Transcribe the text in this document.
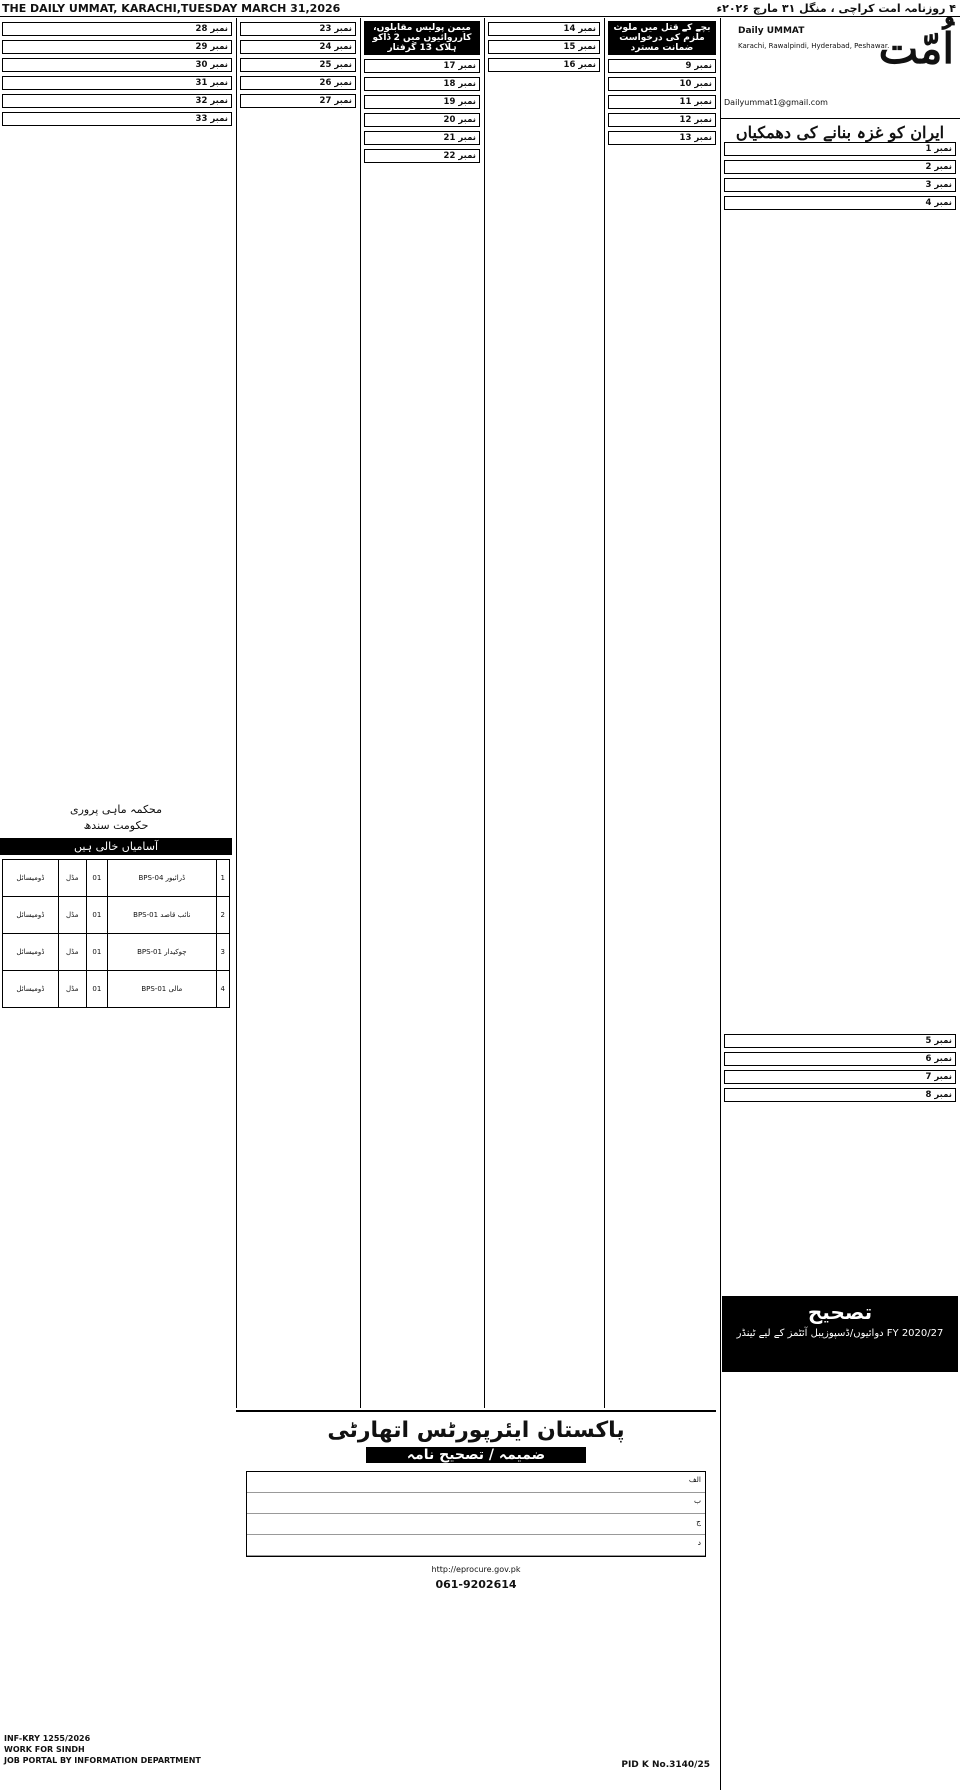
THE DAILY UMMAT, KARACHI,TUESDAY MARCH 31,2026	۴ روزنامہ امت کراچی ، منگل ۳۱ مارچ ۲۰۲۶ء
اُمّت
Daily UMMAT
Karachi, Rawalpindi, Hyderabad, Peshawar.
Dailyummat1@gmail.com
ایران کو غزہ بنانے کی دھمکیاں
نمبر 1
نمبر 2
نمبر 3
نمبر 4
بچے کے قتل میں ملوث ملزم کی درخواست ضمانت مسترد
نمبر 9
نمبر 10
نمبر 11
نمبر 12
نمبر 13
نمبر 14
نمبر 15
نمبر 16
میمن پولیس مقابلوں، کارروائیوں میں 2 ڈاکو ہلاک 13 گرفتار
نمبر 17
نمبر 18
نمبر 19
نمبر 20
نمبر 21
نمبر 22
نمبر 23
نمبر 24
نمبر 25
نمبر 26
نمبر 27
نمبر 28
نمبر 29
نمبر 30
نمبر 31
نمبر 32
نمبر 33
نمبر 5
نمبر 6
نمبر 7
نمبر 8
تصحیح
FY 2020/27 دوائیوں/ڈسپوزیبل آئٹمز کے لیے ٹینڈر
محکمہ ماہی پروری
حکومت سندھ
آسامیاں خالی ہیں
1	ڈرائیور BPS-04	01	مڈل	ڈومیسائل
2	نائب قاصد BPS-01	01	مڈل	ڈومیسائل
3	چوکیدار BPS-01	01	مڈل	ڈومیسائل
4	مالی BPS-01	01	مڈل	ڈومیسائل
INF-KRY 1255/2026
WORK FOR SINDH
JOB PORTAL BY INFORMATION DEPARTMENT
پاکستان ایئرپورٹس اتھارٹی
ضمیمہ / تصحیح نامہ
الف
ب
ج
د
http://eprocure.gov.pk
061-9202614
PID K No.3140/25
